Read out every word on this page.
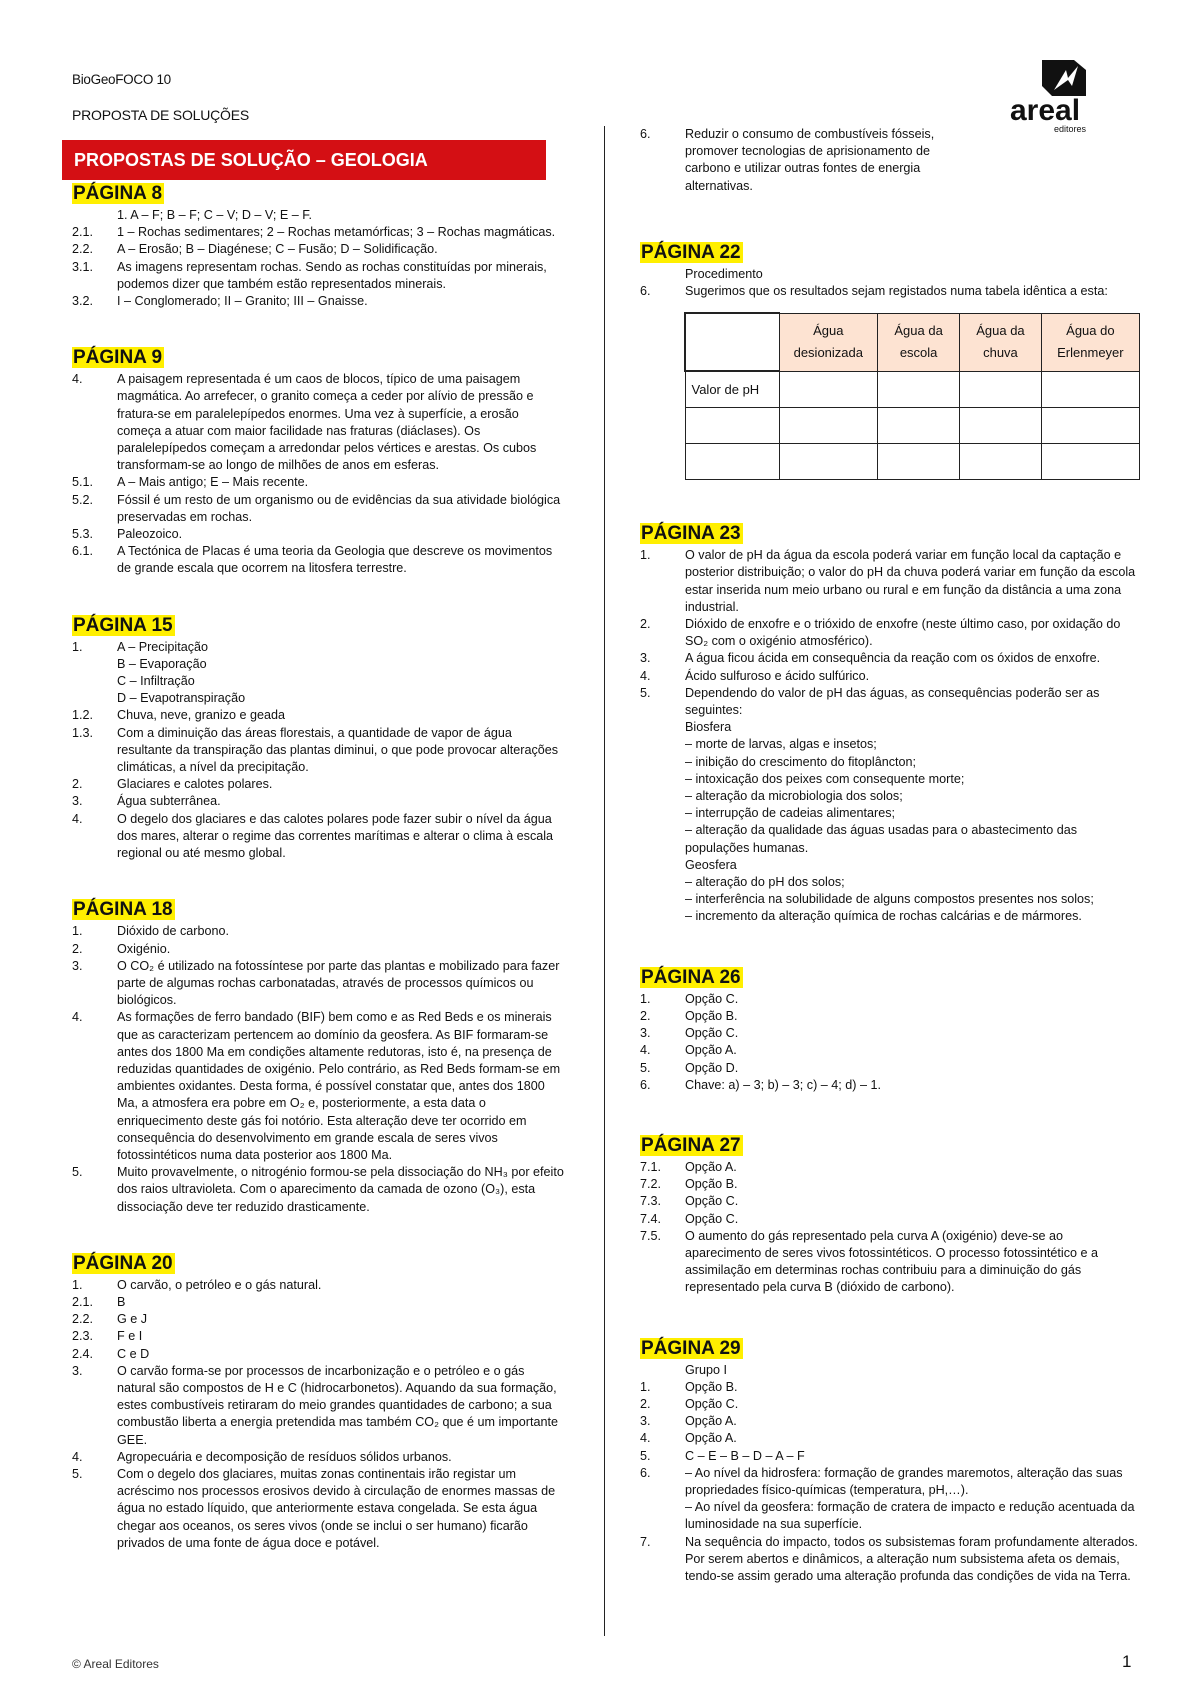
BioGeoFOCO 10
PROPOSTA DE SOLUÇÕES	areal
editores
PROPOSTAS DE SOLUÇÃO – GEOLOGIA
PÁGINA 8
1. A – F; B – F; C – V; D – V; E – F.
2.1.	1 – Rochas sedimentares; 2 – Rochas metamórficas; 3 – Rochas magmáticas.
2.2.	A – Erosão; B – Diagénese; C – Fusão; D – Solidificação.
3.1.	As imagens representam rochas. Sendo as rochas constituídas por minerais, podemos dizer que também estão representados minerais.
3.2.	I – Conglomerado; II – Granito; III – Gnaisse.
PÁGINA 9
4.	A paisagem representada é um caos de blocos, típico de uma paisagem magmática. Ao arrefecer, o granito começa a ceder por alívio de pressão e fratura-se em paralelepípedos enormes. Uma vez à superfície, a erosão começa a atuar com maior facilidade nas fraturas (diáclases). Os paralelepípedos começam a arredondar pelos vértices e arestas. Os cubos transformam-se ao longo de milhões de anos em esferas.
5.1.	A – Mais antigo; E – Mais recente.
5.2.	Fóssil é um resto de um organismo ou de evidências da sua atividade biológica preservadas em rochas.
5.3.	Paleozoico.
6.1.	A Tectónica de Placas é uma teoria da Geologia que descreve os movimentos de grande escala que ocorrem na litosfera terrestre.
PÁGINA 15
1.	A – Precipitação
B – Evaporação
C – Infiltração
D – Evapotranspiração
1.2.	Chuva, neve, granizo e geada
1.3.	Com a diminuição das áreas florestais, a quantidade de vapor de água resultante da transpiração das plantas diminui, o que pode provocar alterações climáticas, a nível da precipitação.
2.	Glaciares e calotes polares.
3.	Água subterrânea.
4.	O degelo dos glaciares e das calotes polares pode fazer subir o nível da água dos mares, alterar o regime das correntes marítimas e alterar o clima à escala regional ou até mesmo global.
PÁGINA 18
1.	Dióxido de carbono.
2.	Oxigénio.
3.	O CO₂ é utilizado na fotossíntese por parte das plantas e mobilizado para fazer parte de algumas rochas carbonatadas, através de processos químicos ou biológicos.
4.	As formações de ferro bandado (BIF) bem como e as Red Beds e os minerais que as caracterizam pertencem ao domínio da geosfera. As BIF formaram-se antes dos 1800 Ma em condições altamente redutoras, isto é, na presença de reduzidas quantidades de oxigénio. Pelo contrário, as Red Beds formam-se em ambientes oxidantes. Desta forma, é possível constatar que, antes dos 1800 Ma, a atmosfera era pobre em O₂ e, posteriormente, a esta data o enriquecimento deste gás foi notório. Esta alteração deve ter ocorrido em consequência do desenvolvimento em grande escala de seres vivos fotossintéticos numa data posterior aos 1800 Ma.
5.	Muito provavelmente, o nitrogénio formou-se pela dissociação do NH₃ por efeito dos raios ultravioleta. Com o aparecimento da camada de ozono (O₃), esta dissociação deve ter reduzido drasticamente.
PÁGINA 20
1.	O carvão, o petróleo e o gás natural.
2.1.	B
2.2.	G e J
2.3.	F e I
2.4.	C e D
3.	O carvão forma-se por processos de incarbonização e o petróleo e o gás natural são compostos de H e C (hidrocarbonetos). Aquando da sua formação, estes combustíveis retiraram do meio grandes quantidades de carbono; a sua combustão liberta a energia pretendida mas também CO₂ que é um importante GEE.
4.	Agropecuária e decomposição de resíduos sólidos urbanos.
5.	Com o degelo dos glaciares, muitas zonas continentais irão registar um acréscimo nos processos erosivos devido à circulação de enormes massas de água no estado líquido, que anteriormente estava congelada. Se esta água chegar aos oceanos, os seres vivos (onde se inclui o ser humano) ficarão privados de uma fonte de água doce e potável.
6.	Reduzir o consumo de combustíveis fósseis, promover tecnologias de aprisionamento de carbono e utilizar outras fontes de energia alternativas.
PÁGINA 22
Procedimento
6.	Sugerimos que os resultados sejam registados numa tabela idêntica a esta:
	Água desionizada	Água da escola	Água da chuva	Água do Erlenmeyer
Valor de pH				

PÁGINA 23
1.	O valor de pH da água da escola poderá variar em função local da captação e posterior distribuição; o valor do pH da chuva poderá variar em função da escola estar inserida num meio urbano ou rural e em função da distância a uma zona industrial.
2.	Dióxido de enxofre e o trióxido de enxofre (neste último caso, por oxidação do SO₂ com o oxigénio atmosférico).
3.	A água ficou ácida em consequência da reação com os óxidos de enxofre.
4.	Ácido sulfuroso e ácido sulfúrico.
5.	Dependendo do valor de pH das águas, as consequências poderão ser as seguintes:
Biosfera
– morte de larvas, algas e insetos;
– inibição do crescimento do fitoplâncton;
– intoxicação dos peixes com consequente morte;
– alteração da microbiologia dos solos;
– interrupção de cadeias alimentares;
– alteração da qualidade das águas usadas para o abastecimento das populações humanas.
Geosfera
– alteração do pH dos solos;
– interferência na solubilidade de alguns compostos presentes nos solos;
– incremento da alteração química de rochas calcárias e de mármores.
PÁGINA 26
1.	Opção C.
2.	Opção B.
3.	Opção C.
4.	Opção A.
5.	Opção D.
6.	Chave: a) – 3; b) – 3; c) – 4; d) – 1.
PÁGINA 27
7.1.	Opção A.
7.2.	Opção B.
7.3.	Opção C.
7.4.	Opção C.
7.5.	O aumento do gás representado pela curva A (oxigénio) deve-se ao aparecimento de seres vivos fotossintéticos. O processo fotossintético e a assimilação em determinas rochas contribuiu para a diminuição do gás representado pela curva B (dióxido de carbono).
PÁGINA 29
Grupo I
1.	Opção B.
2.	Opção C.
3.	Opção A.
4.	Opção A.
5.	C – E – B – D – A – F
6.	– Ao nível da hidrosfera: formação de grandes maremotos, alteração das suas propriedades físico-químicas (temperatura, pH,…).
– Ao nível da geosfera: formação de cratera de impacto e redução acentuada da luminosidade na sua superfície.
7.	Na sequência do impacto, todos os subsistemas foram profundamente alterados. Por serem abertos e dinâmicos, a alteração num subsistema afeta os demais, tendo-se assim gerado uma alteração profunda das condições de vida na Terra.
© Areal Editores	1
